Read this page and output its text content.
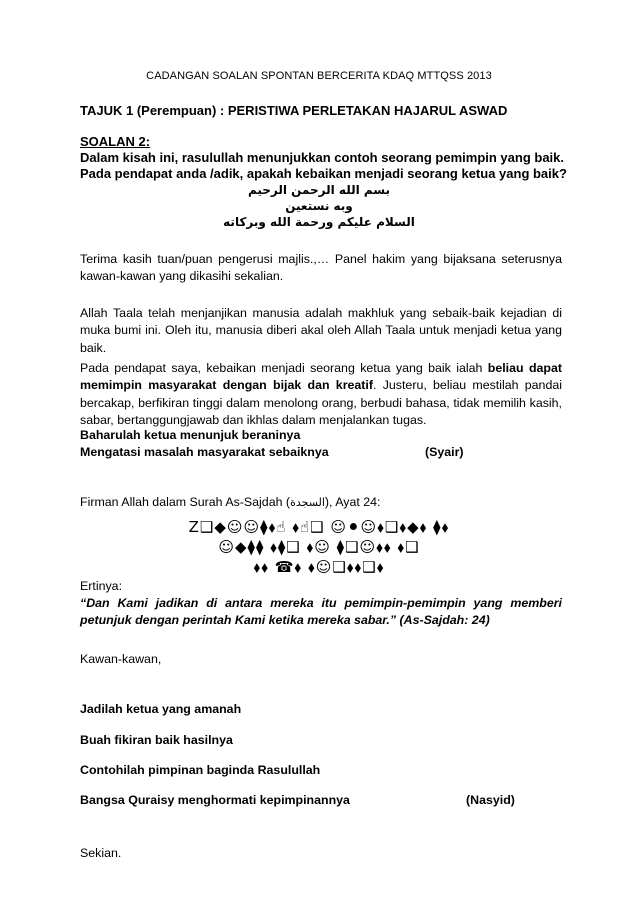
CADANGAN SOALAN SPONTAN BERCERITA KDAQ MTTQSS 2013
TAJUK 1 (Perempuan) : PERISTIWA PERLETAKAN HAJARUL ASWAD
SOALAN 2:
Dalam kisah ini, rasulullah menunjukkan contoh seorang pemimpin yang baik.
Pada pendapat anda /adik, apakah kebaikan menjadi seorang ketua yang baik?
بسم الله الرحمن الرحيم
وبه نستعين
السلام عليكم ورحمة الله وبركاته
Terima kasih tuan/puan pengerusi majlis.,… Panel hakim yang bijaksana seterusnya kawan-kawan yang dikasihi sekalian.
Allah Taala telah menjanjikan manusia adalah makhluk yang sebaik-baik kejadian di muka bumi ini. Oleh itu, manusia diberi akal oleh Allah Taala untuk menjadi ketua yang baik.
Pada pendapat saya, kebaikan menjadi seorang ketua yang baik ialah beliau dapat memimpin masyarakat dengan bijak dan kreatif. Justeru, beliau mestilah pandai bercakap, berfikiran tinggi dalam menolong orang, berbudi bahasa, tidak memilih kasih, sabar, bertanggungjawab dan ikhlas dalam menjalankan tugas.
Baharulah ketua menunjuk beraninya
Mengatasi masalah masyarakat sebaiknya	(Syair)
Firman Allah dalam Surah As-Sajdah (السجدة), Ayat 24:
Z❑◆☺☺⧫⬧☝ ⬧☝❑ ☺⚫☺⬧❑⬧◆⬧ ⧫⬧
☺◆⧫⧫ ⬧⧫❑ ⬧☺ ⧫❑☺⬧⬧ ⬧❑
⬧⬧ ☎⬧ ⬧☺❑⬧⬧❑⬧
Ertinya:
“Dan Kami jadikan di antara mereka itu pemimpin-pemimpin yang memberi petunjuk dengan perintah Kami ketika mereka sabar.” (As-Sajdah: 24)
Kawan-kawan,
Jadilah ketua yang amanah
Buah fikiran baik hasilnya
Contohilah pimpinan baginda Rasulullah
Bangsa Quraisy menghormati kepimpinannya	(Nasyid)
Sekian.
